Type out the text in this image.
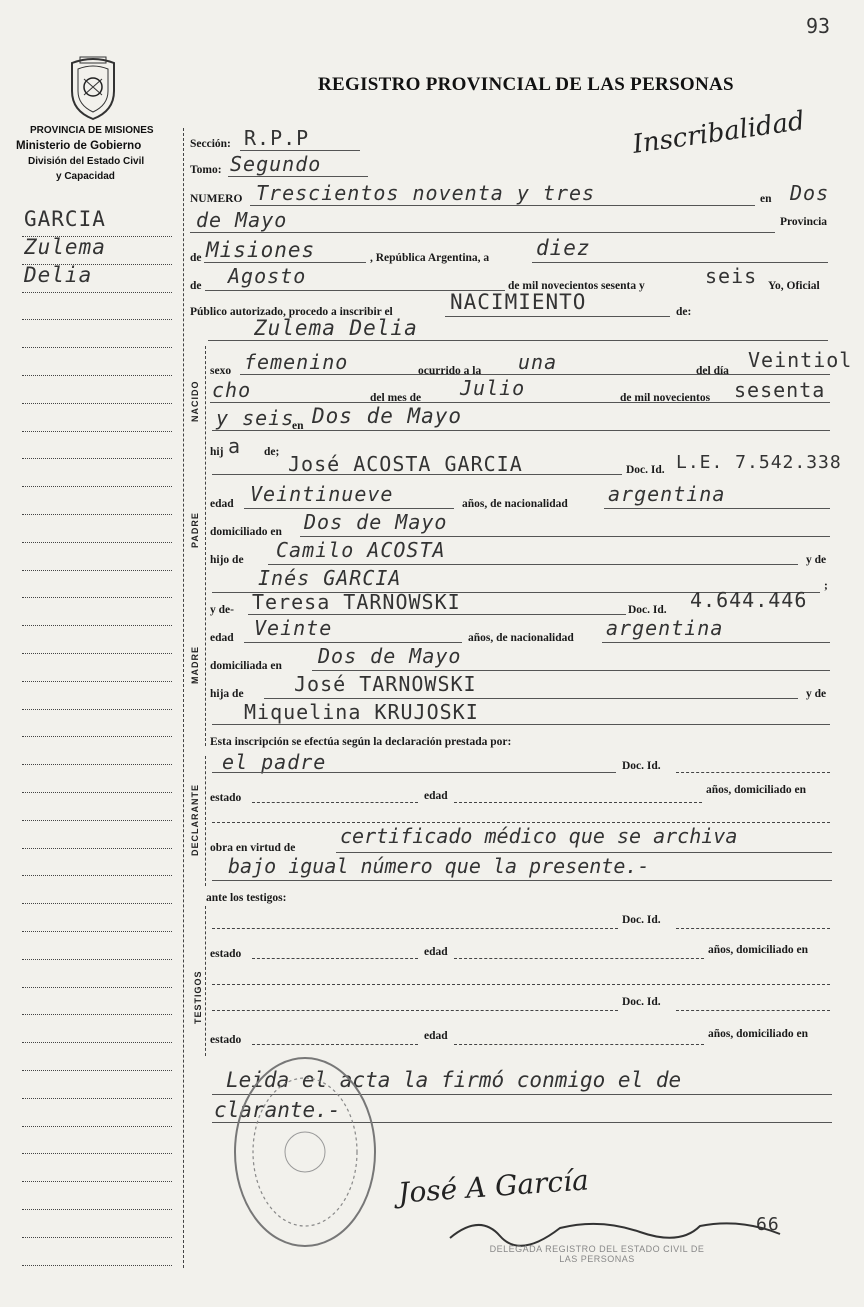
93
PROVINCIA DE MISIONES
Ministerio de Gobierno
División del Estado Civil
y Capacidad
REGISTRO PROVINCIAL DE LAS PERSONAS
Inscribalidad
GARCIA
Zulema
Delia
Sección: R.P.P
Tomo: Segundo
NUMERO Trescientos noventa y tres	en Dos
de Mayo	Provincia
de Misiones	, República Argentina, a diez
de Agosto	de mil novecientos sesenta y	seis Yo, Oficial
Público autorizado, procedo a inscribir el	NACIMIENTO	de:
Zulema Delia
NACIDO
sexo femenino	ocurrido a la una	del día Veintiol
cho	del mes de Julio	de mil novecientos sesenta
y seis
en Dos de Mayo
hij a de;
PADRE
José ACOSTA GARCIA	Doc. Id. L.E. 7.542.338
edad Veintinueve	años, de nacionalidad argentina
domiciliado en Dos de Mayo
hijo de Camilo ACOSTA	y de
Inés GARCIA	;
MADRE
y de- Teresa TARNOWSKI	Doc. Id. 4.644.446
edad Veinte	años, de nacionalidad argentina
domiciliada en Dos de Mayo
hija de	José TARNOWSKI	y de
Miquelina KRUJOSKI
Esta inscripción se efectúa según la declaración prestada por:
DECLARANTE
el padre	Doc. Id.
estado	edad	años, domiciliado en
obra en virtud de certificado médico que se archiva
bajo igual número que la presente.-
ante los testigos:
TESTIGOS
Doc. Id.
estado	edad	años, domiciliado en
Doc. Id.
estado	edad	años, domiciliado en
Leida el acta la firmó conmigo el de
clarante.-
José A García
DELEGADA REGISTRO DEL ESTADO CIVIL DE LAS PERSONAS
66
